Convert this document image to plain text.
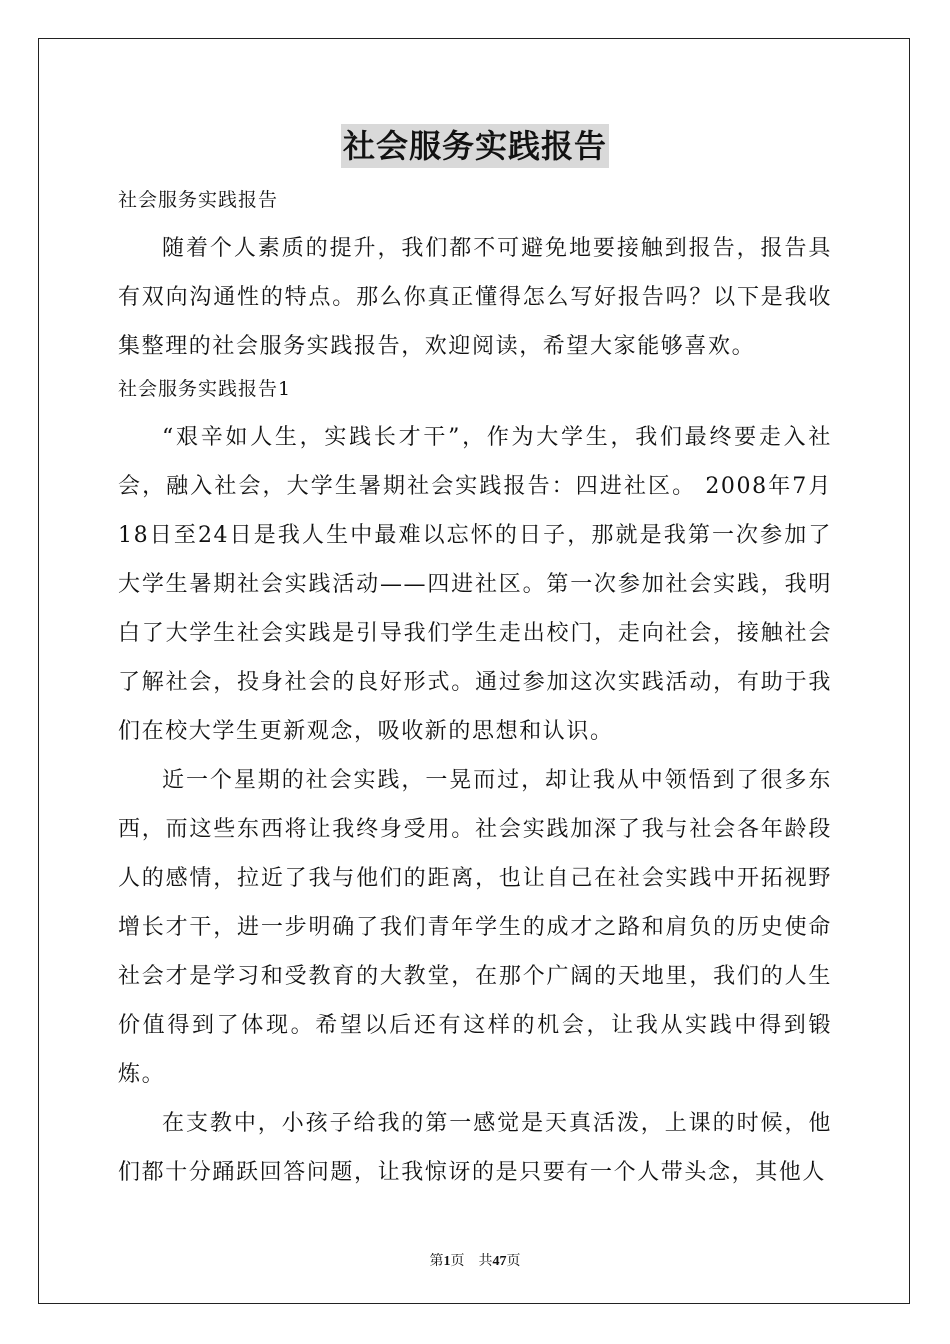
社会服务实践报告
社会服务实践报告

随着个人素质的提升，我们都不可避免地要接触到报告，报告具有双向沟通性的特点。那么你真正懂得怎么写好报告吗？以下是我收集整理的社会服务实践报告，欢迎阅读，希望大家能够喜欢。

社会服务实践报告1

“艰辛如人生，实践长才干”，作为大学生，我们最终要走入社会，融入社会，大学生暑期社会实践报告：四进社区。 2008年7月18日至24日是我人生中最难以忘怀的日子，那就是我第一次参加了大学生暑期社会实践活动——四进社区。第一次参加社会实践，我明白了大学生社会实践是引导我们学生走出校门，走向社会，接触社会了解社会，投身社会的良好形式。通过参加这次实践活动，有助于我们在校大学生更新观念，吸收新的思想和认识。

近一个星期的社会实践，一晃而过，却让我从中领悟到了很多东西，而这些东西将让我终身受用。社会实践加深了我与社会各年龄段人的感情，拉近了我与他们的距离，也让自己在社会实践中开拓视野增长才干，进一步明确了我们青年学生的成才之路和肩负的历史使命社会才是学习和受教育的大教堂，在那个广阔的天地里，我们的人生价值得到了体现。希望以后还有这样的机会，让我从实践中得到锻炼。

在支教中，小孩子给我的第一感觉是天真活泼，上课的时候，他们都十分踊跃回答问题，让我惊讶的是只要有一个人带头念，其他人

第1页 共47页
